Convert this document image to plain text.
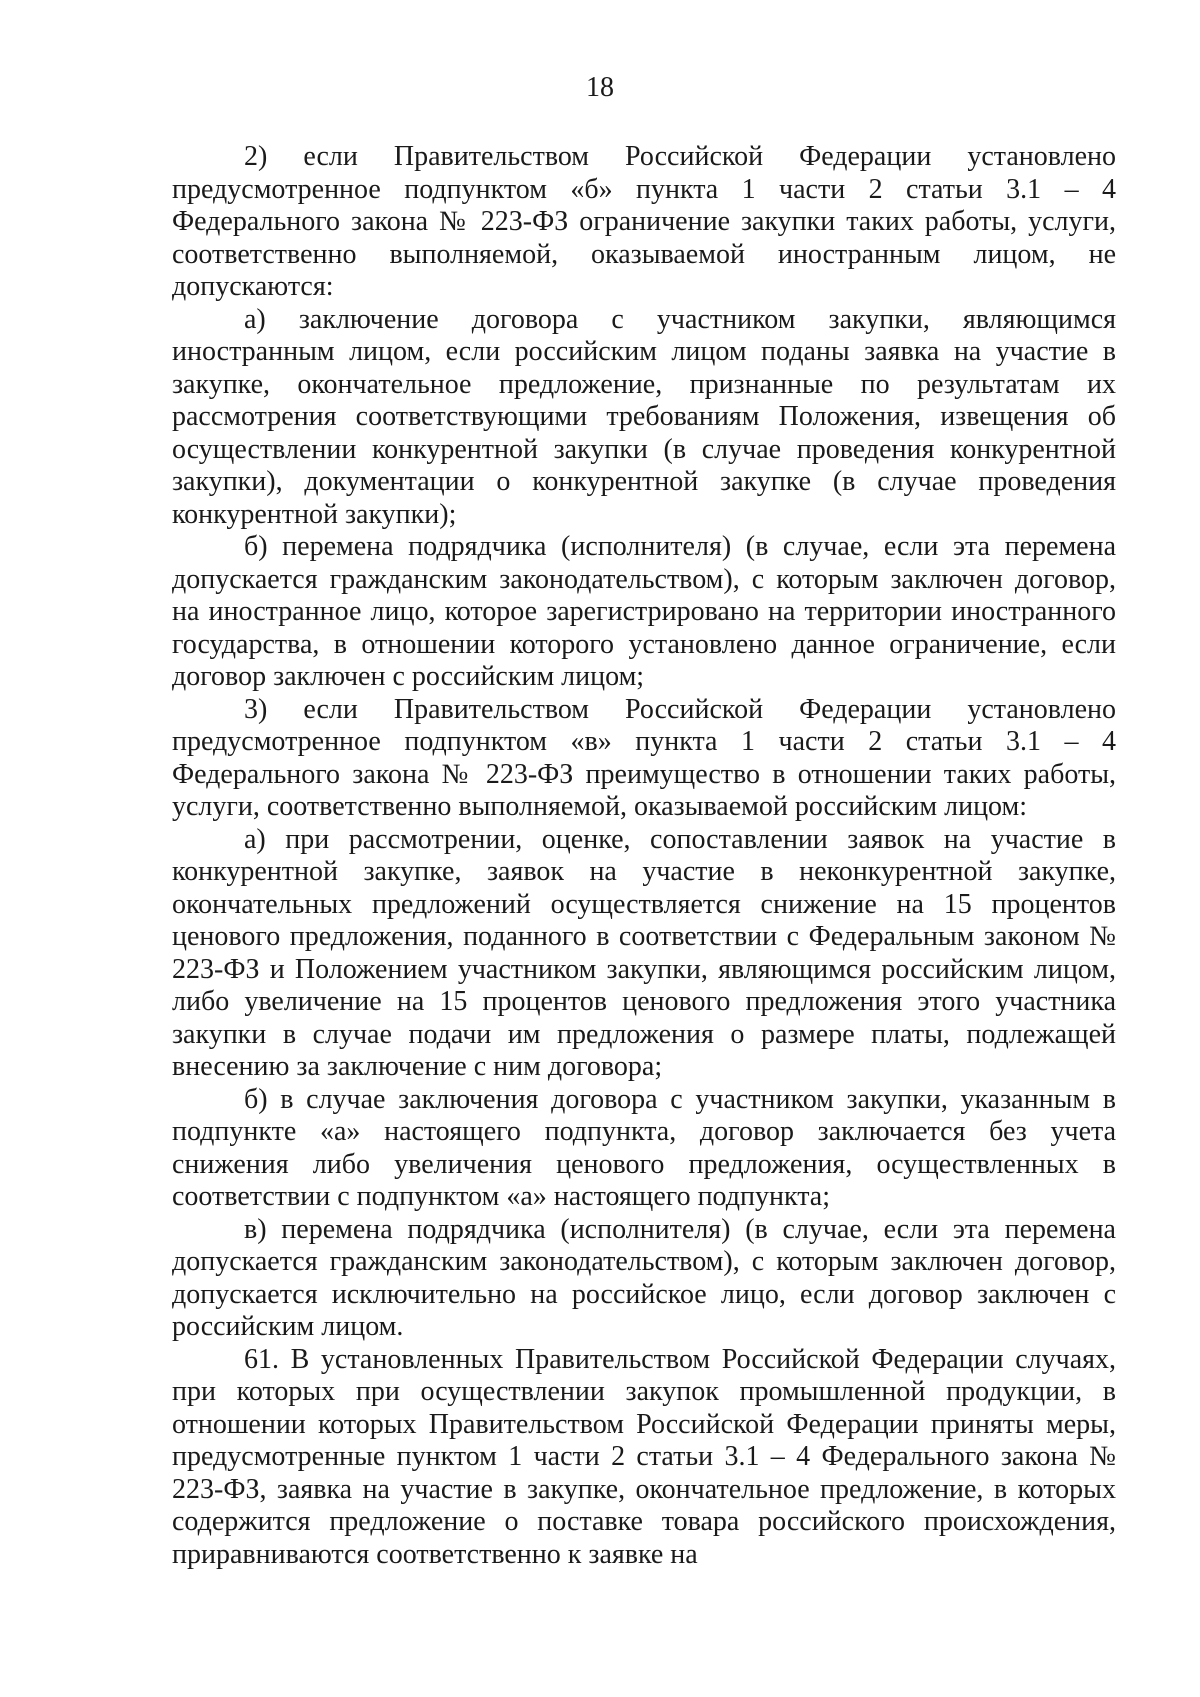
18

2) если Правительством Российской Федерации установлено предусмотренное подпунктом «б» пункта 1 части 2 статьи 3.1 – 4 Федерального закона № 223-ФЗ ограничение закупки таких работы, услуги, соответственно выполняемой, оказываемой иностранным лицом, не допускаются:

а) заключение договора с участником закупки, являющимся иностранным лицом, если российским лицом поданы заявка на участие в закупке, окончательное предложение, признанные по результатам их рассмотрения соответствующими требованиям Положения, извещения об осуществлении конкурентной закупки (в случае проведения конкурентной закупки), документации о конкурентной закупке (в случае проведения конкурентной закупки);

б) перемена подрядчика (исполнителя) (в случае, если эта перемена допускается гражданским законодательством), с которым заключен договор, на иностранное лицо, которое зарегистрировано на территории иностранного государства, в отношении которого установлено данное ограничение, если договор заключен с российским лицом;

3) если Правительством Российской Федерации установлено предусмотренное подпунктом «в» пункта 1 части 2 статьи 3.1 – 4 Федерального закона № 223-ФЗ преимущество в отношении таких работы, услуги, соответственно выполняемой, оказываемой российским лицом:

а) при рассмотрении, оценке, сопоставлении заявок на участие в конкурентной закупке, заявок на участие в неконкурентной закупке, окончательных предложений осуществляется снижение на 15 процентов ценового предложения, поданного в соответствии с Федеральным законом № 223-ФЗ и Положением участником закупки, являющимся российским лицом, либо увеличение на 15 процентов ценового предложения этого участника закупки в случае подачи им предложения о размере платы, подлежащей внесению за заключение с ним договора;

б) в случае заключения договора с участником закупки, указанным в подпункте «а» настоящего подпункта, договор заключается без учета снижения либо увеличения ценового предложения, осуществленных в соответствии с подпунктом «а» настоящего подпункта;

в) перемена подрядчика (исполнителя) (в случае, если эта перемена допускается гражданским законодательством), с которым заключен договор, допускается исключительно на российское лицо, если договор заключен с российским лицом.

61. В установленных Правительством Российской Федерации случаях, при которых при осуществлении закупок промышленной продукции, в отношении которых Правительством Российской Федерации приняты меры, предусмотренные пунктом 1 части 2 статьи 3.1 – 4 Федерального закона № 223-ФЗ, заявка на участие в закупке, окончательное предложение, в которых содержится предложение о поставке товара российского происхождения, приравниваются соответственно к заявке на
